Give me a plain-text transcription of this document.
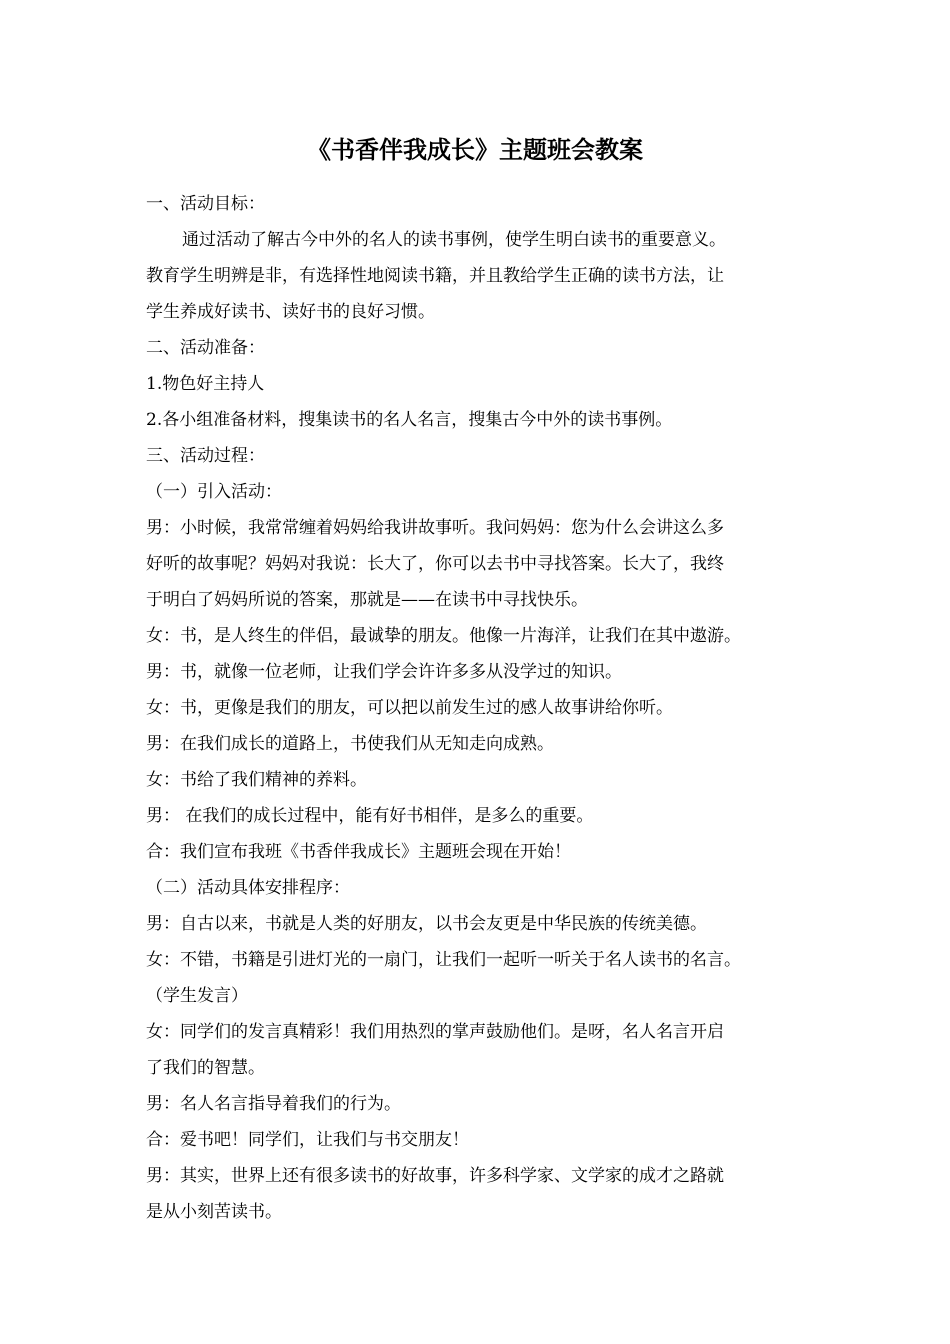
《书香伴我成长》主题班会教案
一、活动目标：
通过活动了解古今中外的名人的读书事例，使学生明白读书的重要意义。
教育学生明辨是非，有选择性地阅读书籍，并且教给学生正确的读书方法，让
学生养成好读书、读好书的良好习惯。
二、活动准备：
1.物色好主持人
2.各小组准备材料，搜集读书的名人名言，搜集古今中外的读书事例。
三、活动过程：
（一）引入活动：
男：小时候，我常常缠着妈妈给我讲故事听。我问妈妈：您为什么会讲这么多
好听的故事呢？妈妈对我说：长大了，你可以去书中寻找答案。长大了，我终
于明白了妈妈所说的答案，那就是——在读书中寻找快乐。
女：书，是人终生的伴侣，最诚挚的朋友。他像一片海洋，让我们在其中遨游。
男：书，就像一位老师，让我们学会许许多多从没学过的知识。
女：书，更像是我们的朋友，可以把以前发生过的感人故事讲给你听。
男：在我们成长的道路上，书使我们从无知走向成熟。
女：书给了我们精神的养料。
男： 在我们的成长过程中，能有好书相伴，是多么的重要。
合：我们宣布我班《书香伴我成长》主题班会现在开始！
（二）活动具体安排程序：
男：自古以来，书就是人类的好朋友，以书会友更是中华民族的传统美德。
女：不错，书籍是引进灯光的一扇门，让我们一起听一听关于名人读书的名言。
（学生发言）
女：同学们的发言真精彩！我们用热烈的掌声鼓励他们。是呀，名人名言开启
了我们的智慧。
男：名人名言指导着我们的行为。
合：爱书吧！同学们，让我们与书交朋友！
男：其实，世界上还有很多读书的好故事，许多科学家、文学家的成才之路就
是从小刻苦读书。
